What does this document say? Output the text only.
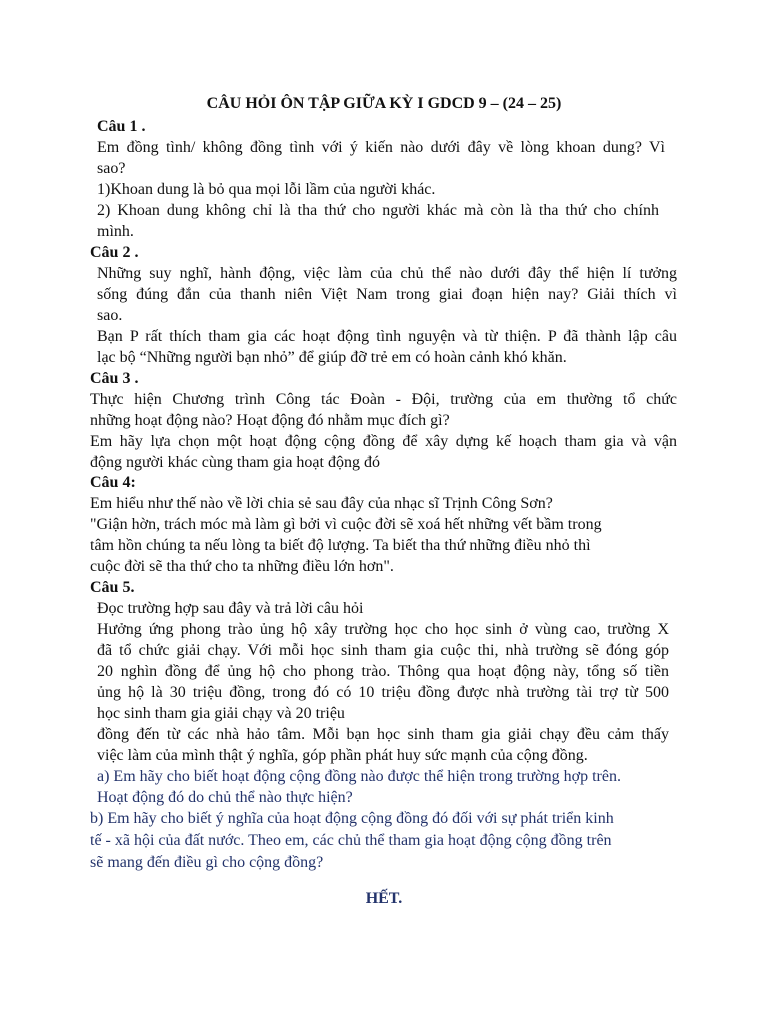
CÂU HỎI ÔN TẬP GIỮA KỲ I GDCD 9 – (24 – 25)
Câu 1 .
Em đồng tình/ không đồng tình với ý kiến nào dưới đây về lòng khoan dung? Vì
sao?
1)Khoan dung là bỏ qua mọi lỗi lầm của người khác.
2) Khoan dung không chỉ là tha thứ cho người khác mà còn là tha thứ cho chính
mình.
Câu 2 .
Những suy nghĩ, hành động, việc làm của chủ thể nào dưới đây thể hiện lí tưởng
sống đúng đắn của thanh niên Việt Nam trong giai đoạn hiện nay? Giải thích vì
sao.
Bạn P rất thích tham gia các hoạt động tình nguyện và từ thiện. P đã thành lập câu
lạc bộ “Những người bạn nhỏ” để giúp đỡ trẻ em có hoàn cảnh khó khăn.
Câu 3 .
Thực hiện Chương trình Công tác Đoàn - Đội, trường của em thường tổ chức
những hoạt động nào? Hoạt động đó nhằm mục đích gì?
Em hãy lựa chọn một hoạt động cộng đồng để xây dựng kế hoạch tham gia và vận
động người khác cùng tham gia hoạt động đó
Câu 4:
Em hiểu như thế nào về lời chia sẻ sau đây của nhạc sĩ Trịnh Công Sơn?
"Giận hờn, trách móc mà làm gì bởi vì cuộc đời sẽ xoá hết những vết bầm trong
tâm hồn chúng ta nếu lòng ta biết độ lượng. Ta biết tha thứ những điều nhỏ thì
cuộc đời sẽ tha thứ cho ta những điều lớn hơn".
Câu 5.
Đọc trường hợp sau đây và trả lời câu hỏi
Hưởng ứng phong trào ủng hộ xây trường học cho học sinh ở vùng cao, trường X
đã tổ chức giải chạy. Với mỗi học sinh tham gia cuộc thi, nhà trường sẽ đóng góp
20 nghìn đồng để ủng hộ cho phong trào. Thông qua hoạt động này, tổng số tiền
ủng hộ là 30 triệu đồng, trong đó có 10 triệu đồng được nhà trường tài trợ từ 500
học sinh tham gia giải chạy và 20 triệu
đồng đến từ các nhà hảo tâm. Mỗi bạn học sinh tham gia giải chạy đều cảm thấy
việc làm của mình thật ý nghĩa, góp phần phát huy sức mạnh của cộng đồng.
a) Em hãy cho biết hoạt động cộng đồng nào được thể hiện trong trường hợp trên.
Hoạt động đó do chủ thể nào thực hiện?
b) Em hãy cho biết ý nghĩa của hoạt động cộng đồng đó đối với sự phát triển kinh
tế - xã hội của đất nước. Theo em, các chủ thể tham gia hoạt động cộng đồng trên
sẽ mang đến điều gì cho cộng đồng?
HẾT.
